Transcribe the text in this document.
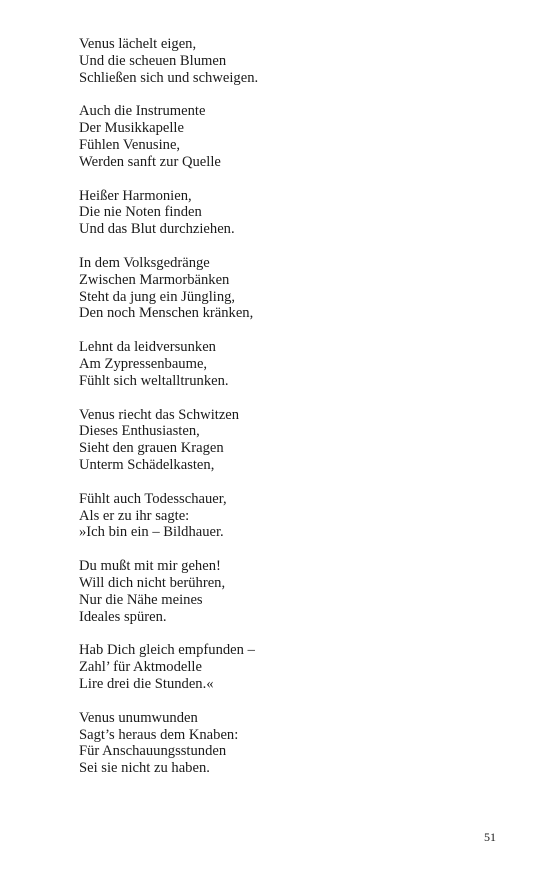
Venus lächelt eigen,
Und die scheuen Blumen
Schließen sich und schweigen.
Auch die Instrumente
Der Musikkapelle
Fühlen Venusine,
Werden sanft zur Quelle
Heißer Harmonien,
Die nie Noten finden
Und das Blut durchziehen.
In dem Volksgedränge
Zwischen Marmorbänken
Steht da jung ein Jüngling,
Den noch Menschen kränken,
Lehnt da leidversunken
Am Zypressenbaume,
Fühlt sich weltalltrunken.
Venus riecht das Schwitzen
Dieses Enthusiasten,
Sieht den grauen Kragen
Unterm Schädelkasten,
Fühlt auch Todesschauer,
Als er zu ihr sagte:
»Ich bin ein – Bildhauer.
Du mußt mit mir gehen!
Will dich nicht berühren,
Nur die Nähe meines
Ideales spüren.
Hab Dich gleich empfunden –
Zahl’ für Aktmodelle
Lire drei die Stunden.«
Venus unumwunden
Sagt’s heraus dem Knaben:
Für Anschauungsstunden
Sei sie nicht zu haben.
51
